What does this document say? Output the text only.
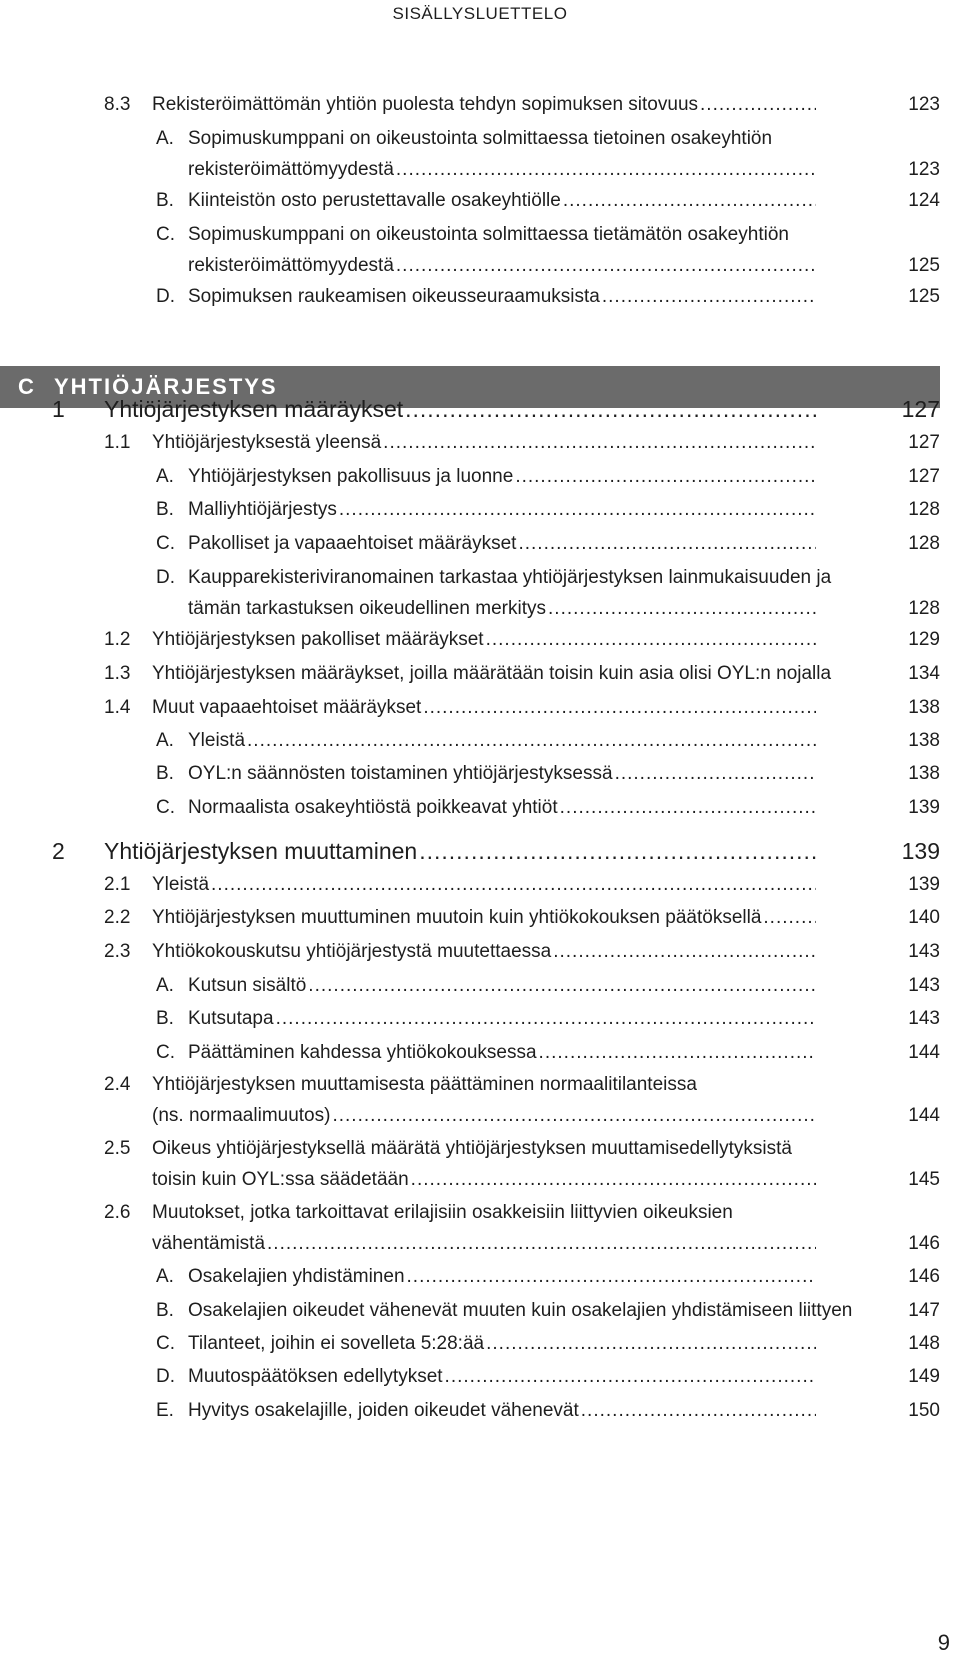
SISÄLLYSLUETTELO
8.3 Rekisteröimättömän yhtiön puolesta tehdyn sopimuksen sitovuus .....	123
A. Sopimuskumppani on oikeustointa solmittaessa tietoinen osakeyhtiön
rekisteröimättömyydestä .....	123
B. Kiinteistön osto perustettavalle osakeyhtiölle .....	124
C. Sopimuskumppani on oikeustointa solmittaessa tietämätön osakeyhtiön
rekisteröimättömyydestä .....	125
D. Sopimuksen raukeamisen oikeusseuraamuksista .....	125
C YHTIÖJÄRJESTYS
1 Yhtiöjärjestyksen määräykset .....	127
1.1 Yhtiöjärjestyksestä yleensä .....	127
A. Yhtiöjärjestyksen pakollisuus ja luonne .....	127
B. Malliyhtiöjärjestys .....	128
C. Pakolliset ja vapaaehtoiset määräykset .....	128
D. Kaupparekisteriviranomainen tarkastaa yhtiöjärjestyksen lainmukaisuuden ja
tämän tarkastuksen oikeudellinen merkitys .....	128
1.2 Yhtiöjärjestyksen pakolliset määräykset .....	129
1.3 Yhtiöjärjestyksen määräykset, joilla määrätään toisin kuin asia olisi OYL:n nojalla	134
1.4 Muut vapaaehtoiset määräykset .....	138
A. Yleistä .....	138
B. OYL:n säännösten toistaminen yhtiöjärjestyksessä .....	138
C. Normaalista osakeyhtiöstä poikkeavat yhtiöt .....	139
2 Yhtiöjärjestyksen muuttaminen .....	139
2.1 Yleistä .....	139
2.2 Yhtiöjärjestyksen muuttuminen muutoin kuin yhtiökokouksen päätöksellä .....	140
2.3 Yhtiökokouskutsu yhtiöjärjestystä muutettaessa .....	143
A. Kutsun sisältö .....	143
B. Kutsutapa .....	143
C. Päättäminen kahdessa yhtiökokouksessa .....	144
2.4 Yhtiöjärjestyksen muuttamisesta päättäminen normaalitilanteissa
(ns. normaalimuutos) .....	144
2.5 Oikeus yhtiöjärjestyksellä määrätä yhtiöjärjestyksen muuttamisedellytyksistä
toisin kuin OYL:ssa säädetään .....	145
2.6 Muutokset, jotka tarkoittavat erilajisiin osakkeisiin liittyvien oikeuksien
vähentämistä .....	146
A. Osakelajien yhdistäminen .....	146
B. Osakelajien oikeudet vähenevät muuten kuin osakelajien yhdistämiseen liittyen	147
C. Tilanteet, joihin ei sovelleta 5:28:ää .....	148
D. Muutospäätöksen edellytykset .....	149
E. Hyvitys osakelajille, joiden oikeudet vähenevät .....	150
9
